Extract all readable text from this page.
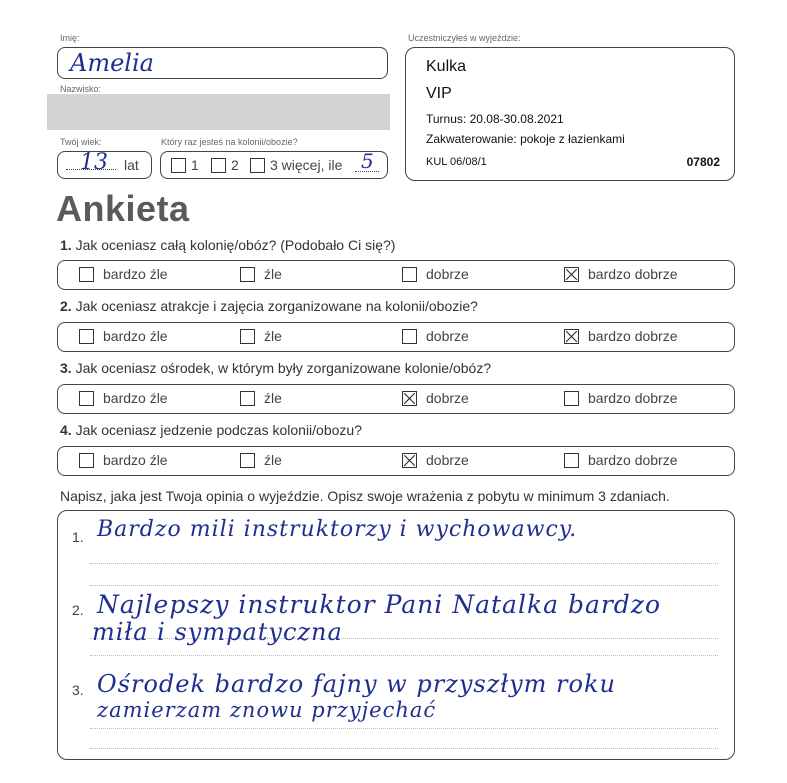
Imię:
Amelia
Nazwisko:
Twój wiek:	Który raz jesteś na kolonii/obozie?
13 lat	1 2 3 więcej, ile 5
Uczestniczyłeś w wyjeździe:
Kulka
VIP
Turnus: 20.08-30.08.2021
Zakwaterowanie: pokoje z łazienkami
KUL 06/08/1	07802
Ankieta
1. Jak oceniasz całą kolonię/obóz? (Podobało Ci się?)
bardzo źle	źle	dobrze	bardzo dobrze
2. Jak oceniasz atrakcje i zajęcia zorganizowane na kolonii/obozie?
bardzo źle	źle	dobrze	bardzo dobrze
3. Jak oceniasz ośrodek, w którym były zorganizowane kolonie/obóz?
bardzo źle	źle	dobrze	bardzo dobrze
4. Jak oceniasz jedzenie podczas kolonii/obozu?
bardzo źle	źle	dobrze	bardzo dobrze
Napisz, jaka jest Twoja opinia o wyjeździe. Opisz swoje wrażenia z pobytu w minimum 3 zdaniach.
1. Bardzo mili instruktorzy i wychowawcy.
2. Najlepszy instruktor Pani Natalka bardzo
miła i sympatyczna
3. Ośrodek bardzo fajny w przyszłym roku
zamierzam znowu przyjechać
